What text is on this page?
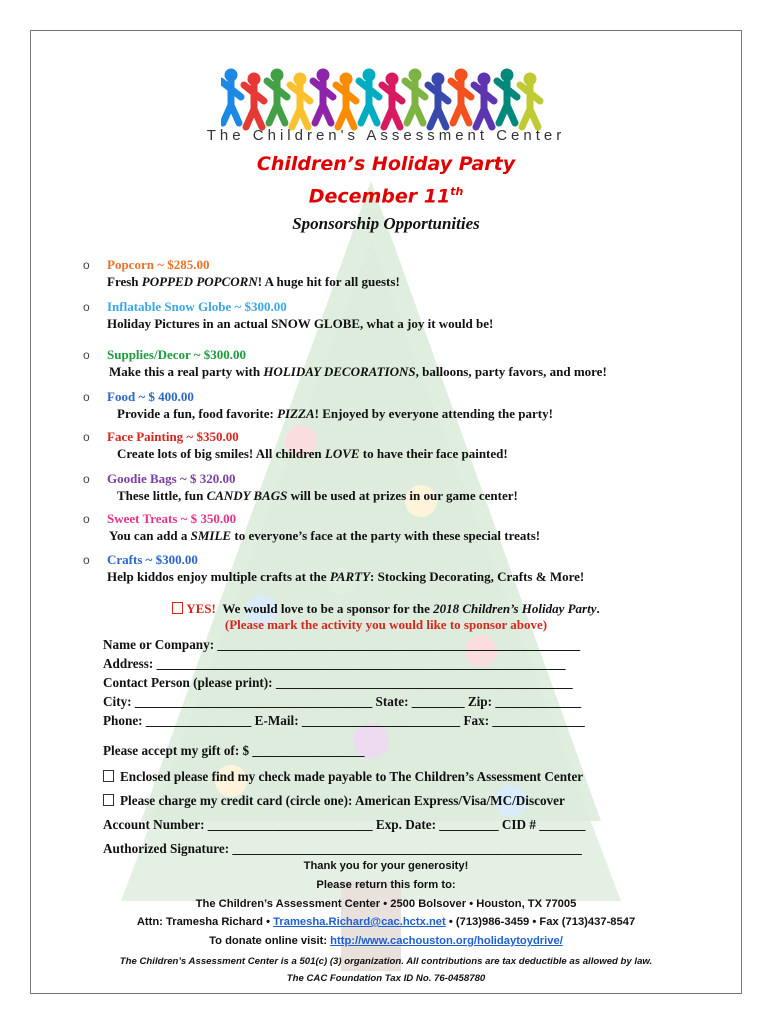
The Children's Assessment Center
Children’s Holiday Party
December 11th
Sponsorship Opportunities
o Popcorn ~ $285.00
Fresh POPPED POPCORN! A huge hit for all guests!
o Inflatable Snow Globe ~ $300.00
Holiday Pictures in an actual SNOW GLOBE, what a joy it would be!
o Supplies/Decor ~ $300.00
Make this a real party with HOLIDAY DECORATIONS, balloons, party favors, and more!
o Food ~ $ 400.00
Provide a fun, food favorite: PIZZA! Enjoyed by everyone attending the party!
o Face Painting ~ $350.00
Create lots of big smiles! All children LOVE to have their face painted!
o Goodie Bags ~ $ 320.00
These little, fun CANDY BAGS will be used at prizes in our game center!
o Sweet Treats ~ $ 350.00
You can add a SMILE to everyone’s face at the party with these special treats!
o Crafts ~ $300.00
Help kiddos enjoy multiple crafts at the PARTY: Stocking Decorating, Crafts & More!
YES! We would love to be a sponsor for the 2018 Children’s Holiday Party.
(Please mark the activity you would like to sponsor above)
Name or Company: _______________________________________________________
Address: ______________________________________________________________
Contact Person (please print): _____________________________________________
City: ____________________________________ State: ________ Zip: _____________
Phone: ________________ E-Mail: ________________________ Fax: ______________
Please accept my gift of: $ _________________
Enclosed please find my check made payable to The Children’s Assessment Center
Please charge my credit card (circle one): American Express/Visa/MC/Discover
Account Number: _________________________ Exp. Date: _________ CID # _______
Authorized Signature: _____________________________________________________
Thank you for your generosity!
Please return this form to:
The Children’s Assessment Center • 2500 Bolsover • Houston, TX 77005
Attn: Tramesha Richard • Tramesha.Richard@cac.hctx.net • (713)986-3459 • Fax (713)437-8547
To donate online visit: http://www.cachouston.org/holidaytoydrive/
The Children’s Assessment Center is a 501(c) (3) organization. All contributions are tax deductible as allowed by law.
The CAC Foundation Tax ID No. 76-0458780
